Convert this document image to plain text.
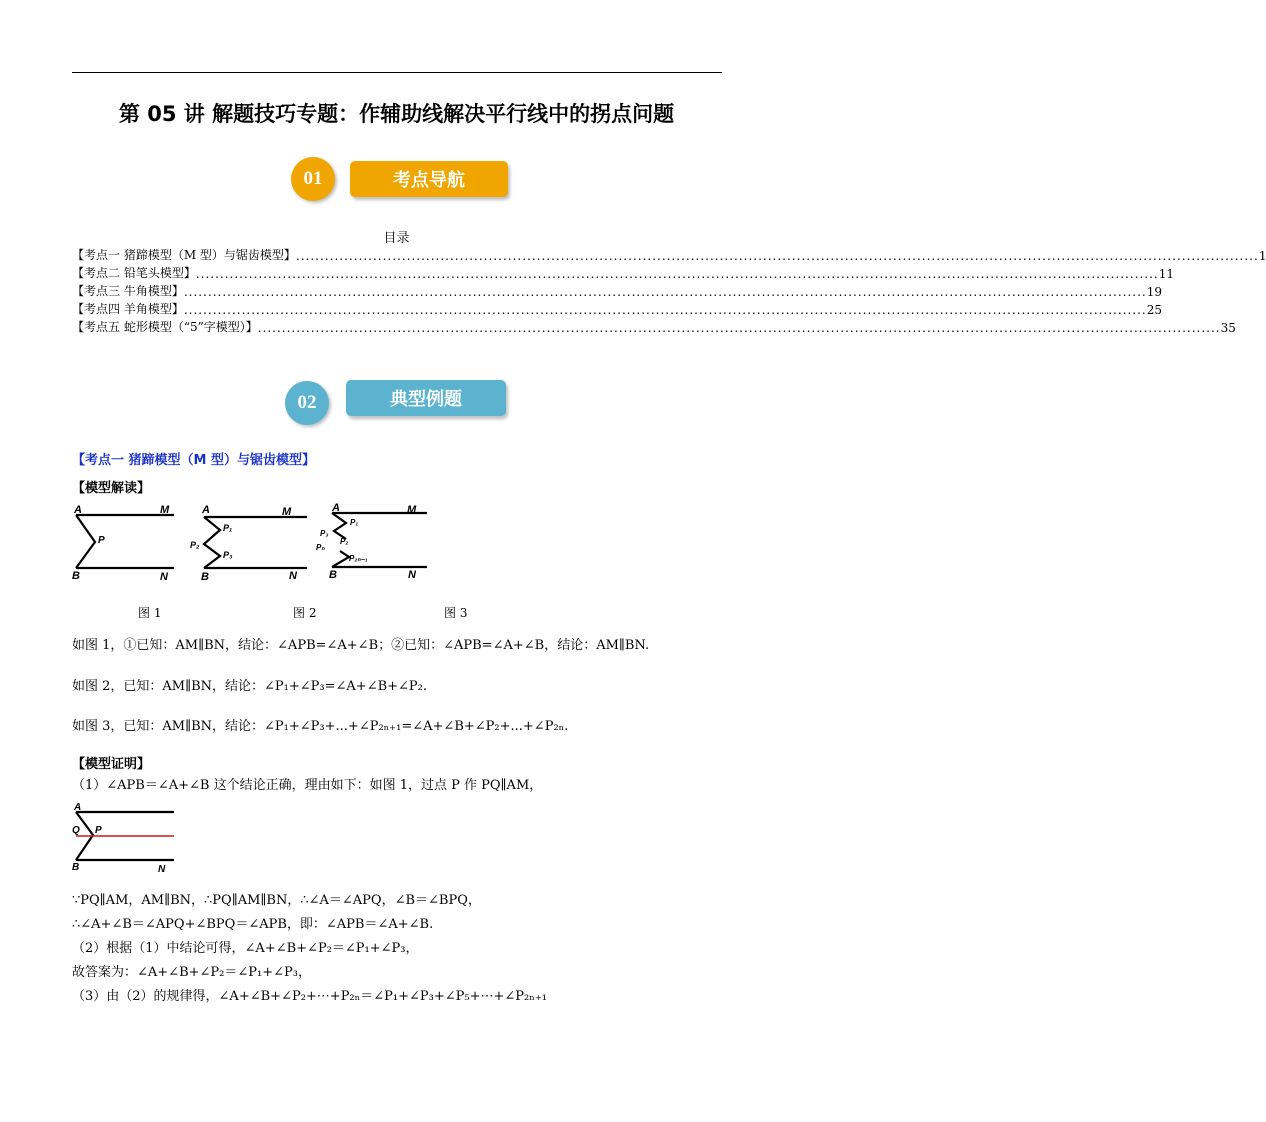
第 05 讲 解题技巧专题：作辅助线解决平行线中的拐点问题
考点导航
01
目录
【考点一 猪蹄模型（M 型）与锯齿模型】 ........................................................................................................................................................................................................ 1
【考点二 铅笔头模型】 ........................................................................................................................................................................................................ 11
【考点三 牛角模型】 ........................................................................................................................................................................................................ 19
【考点四 羊角模型】 ........................................................................................................................................................................................................ 25
【考点五 蛇形模型（“5”字模型）】 ........................................................................................................................................................................................................ 35
典型例题
02
【考点一 猪蹄模型（M 型）与锯齿模型】
【模型解读】
A	M
P
B	N
A	M
P₁
P₂
P₃
B	N
A	M
P₁
P₃
P₂
Pₙ
P₂ₙ₋₁
B	N
图 1	图 2	图 3
如图 1，①已知：AM∥BN，结论：∠APB=∠A+∠B；②已知：∠APB=∠A+∠B，结论：AM∥BN.
如图 2，已知：AM∥BN，结论：∠P₁+∠P₃=∠A+∠B+∠P₂.
如图 3，已知：AM∥BN，结论：∠P₁+∠P₃+...+∠P₂ₙ₊₁=∠A+∠B+∠P₂+...+∠P₂ₙ.
【模型证明】
（1）∠APB＝∠A+∠B 这个结论正确，理由如下：如图 1，过点 P 作 PQ∥AM，
A
Q P
B	N
∵PQ∥AM，AM∥BN，∴PQ∥AM∥BN，∴∠A＝∠APQ，∠B＝∠BPQ，
∴∠A+∠B＝∠APQ+∠BPQ＝∠APB，即：∠APB＝∠A+∠B.
（2）根据（1）中结论可得，∠A+∠B+∠P₂＝∠P₁+∠P₃，
故答案为：∠A+∠B+∠P₂＝∠P₁+∠P₃，
（3）由（2）的规律得，∠A+∠B+∠P₂+⋯+P₂ₙ＝∠P₁+∠P₃+∠P₅+⋯+∠P₂ₙ₊₁
